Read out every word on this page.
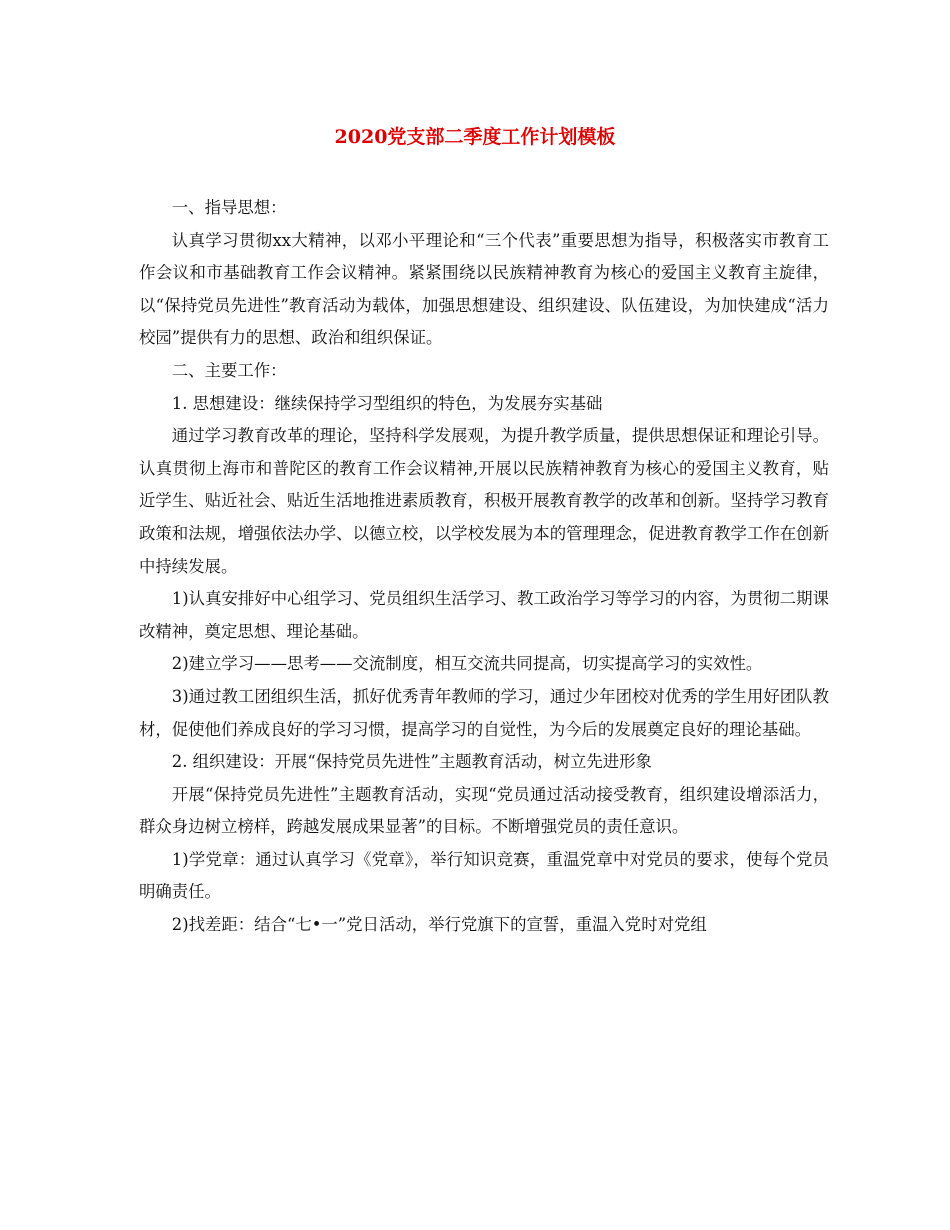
2020党支部二季度工作计划模板

一、指导思想：

认真学习贯彻xx大精神，以邓小平理论和“三个代表”重要思想为指导，积极落实市教育工作会议和市基础教育工作会议精神。紧紧围绕以民族精神教育为核心的爱国主义教育主旋律，以“保持党员先进性”教育活动为载体，加强思想建设、组织建设、队伍建设，为加快建成“活力校园”提供有力的思想、政治和组织保证。

二、主要工作：

1. 思想建设：继续保持学习型组织的特色，为发展夯实基础

通过学习教育改革的理论，坚持科学发展观，为提升教学质量，提供思想保证和理论引导。认真贯彻上海市和普陀区的教育工作会议精神,开展以民族精神教育为核心的爱国主义教育，贴近学生、贴近社会、贴近生活地推进素质教育，积极开展教育教学的改革和创新。坚持学习教育政策和法规，增强依法办学、以德立校，以学校发展为本的管理理念，促进教育教学工作在创新中持续发展。

1)认真安排好中心组学习、党员组织生活学习、教工政治学习等学习的内容，为贯彻二期课改精神，奠定思想、理论基础。

2)建立学习——思考——交流制度，相互交流共同提高，切实提高学习的实效性。

3)通过教工团组织生活，抓好优秀青年教师的学习，通过少年团校对优秀的学生用好团队教材，促使他们养成良好的学习习惯，提高学习的自觉性，为今后的发展奠定良好的理论基础。

2. 组织建设：开展“保持党员先进性”主题教育活动，树立先进形象

开展“保持党员先进性”主题教育活动，实现“党员通过活动接受教育，组织建设增添活力，群众身边树立榜样，跨越发展成果显著”的目标。不断增强党员的责任意识。

1)学党章：通过认真学习《党章》，举行知识竞赛，重温党章中对党员的要求，使每个党员明确责任。

2)找差距：结合“七•一”党日活动，举行党旗下的宣誓，重温入党时对党组
